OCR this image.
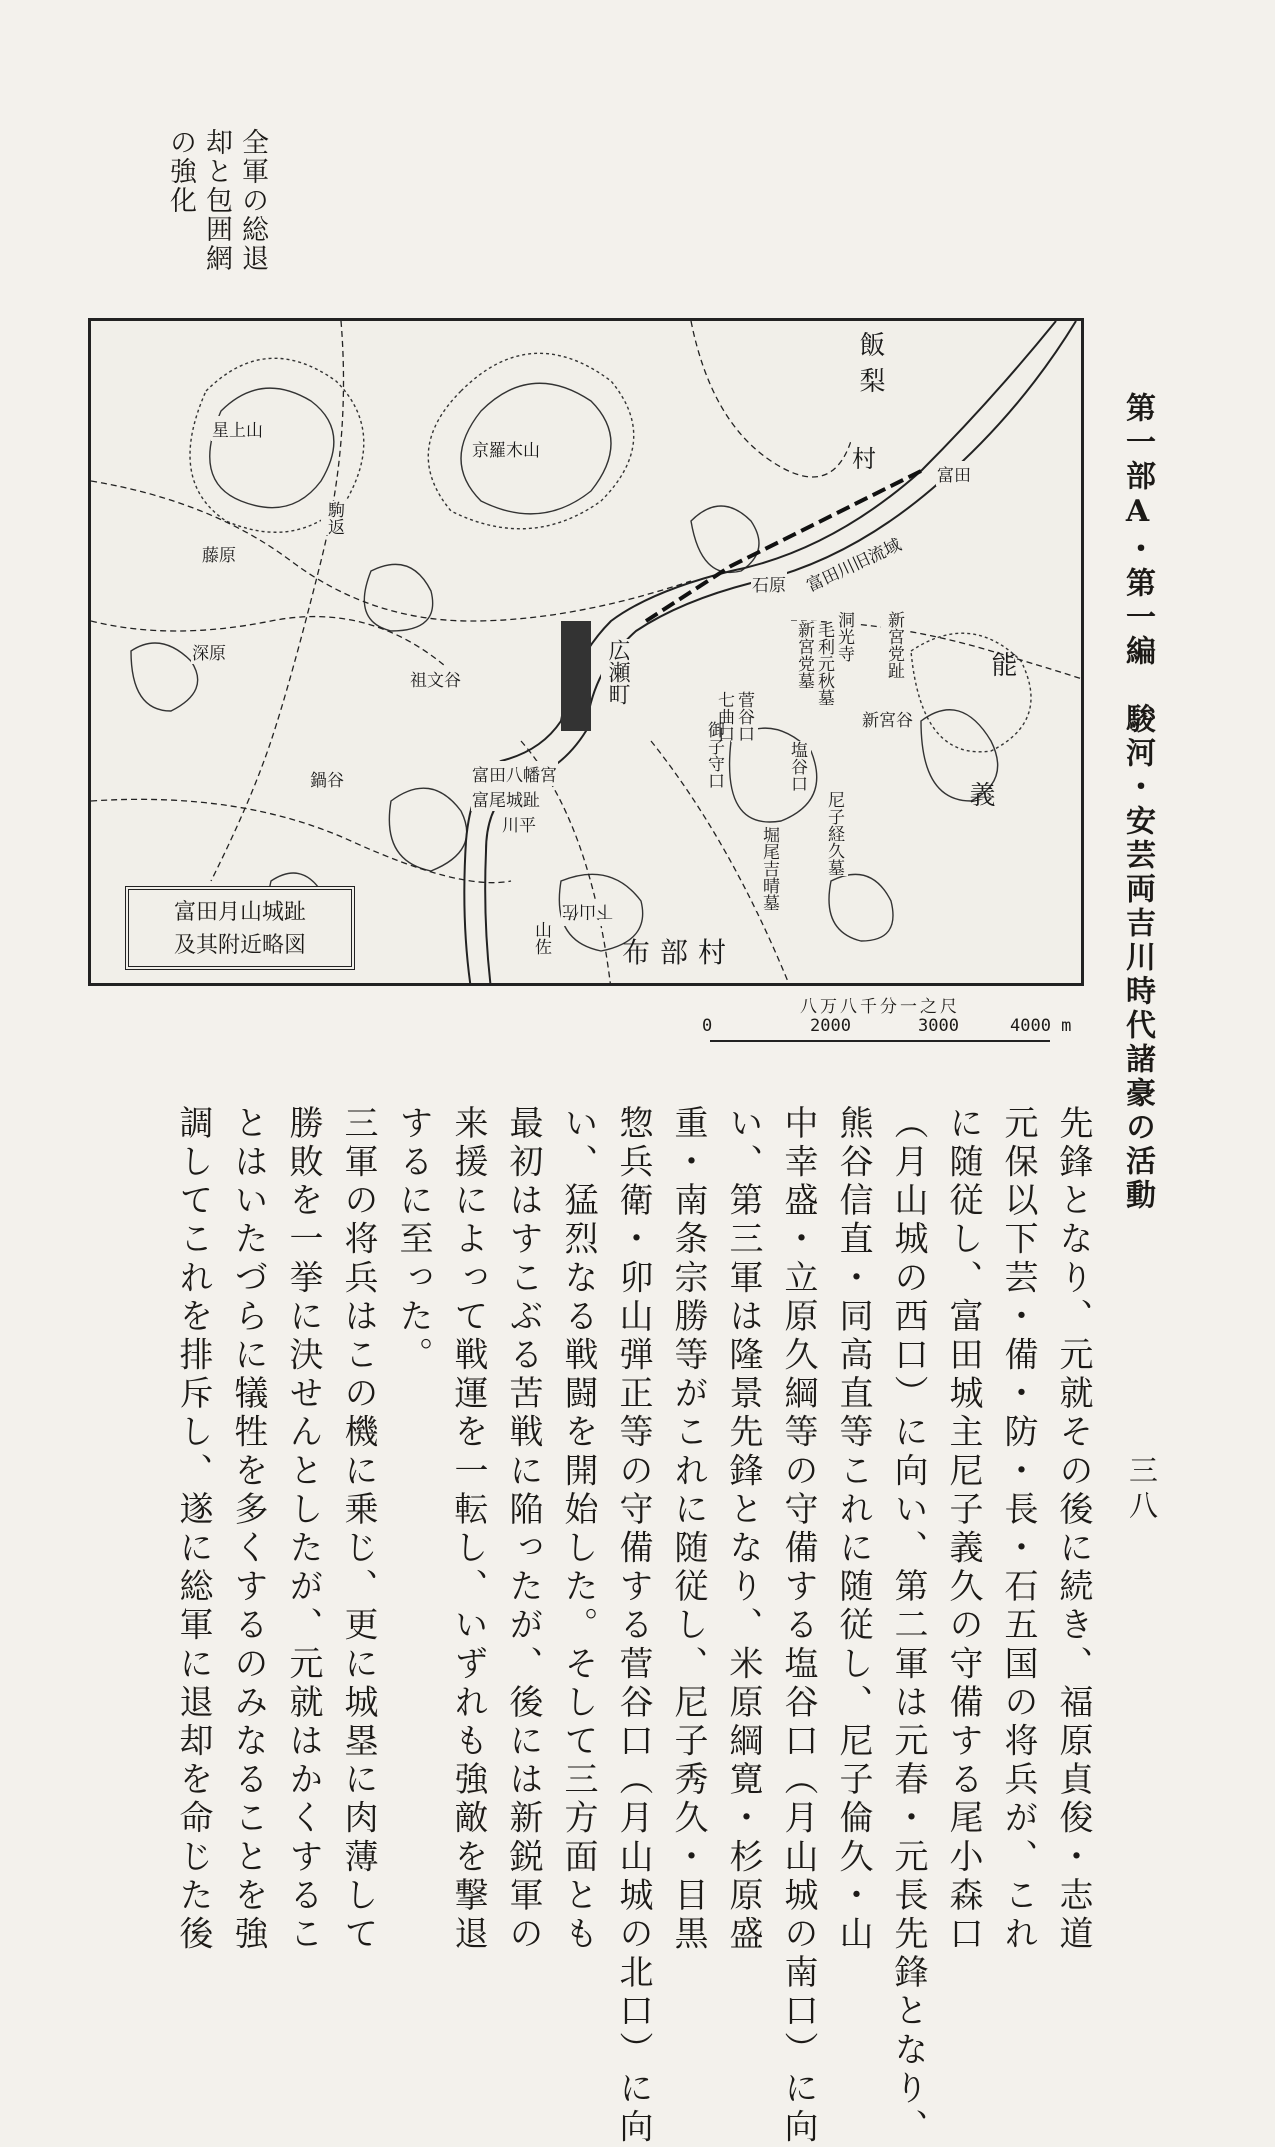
全軍の総退
却と包囲網
の強化
第一部A・第一編　駿河・安芸両吉川時代諸豪の活動
三八
星上山
藤原
駒返
深原
京羅木山
祖文谷	広瀬町
鍋谷	富田八幡宮
富尾城趾
川平
石原 富田川旧流域
飯梨
村
富田
新宮党趾
新宮谷
新宮党墓 洞光寺
毛利元秋墓	能
義
菅谷口
塩谷口
御子守口
七曲口
尼子経久墓
堀尾吉晴墓
下山佐
山佐	布部村
富田月山城趾
及其附近略図
八万八千分一之尺
0	2000	3000	4000 m
先鋒となり、元就その後に続き、福原貞俊・志道
元保以下芸・備・防・長・石五国の将兵が、これ
に随従し、富田城主尼子義久の守備する尾小森口
（月山城の西口）に向い、第二軍は元春・元長先鋒となり、
熊谷信直・同高直等これに随従し、尼子倫久・山
中幸盛・立原久綱等の守備する塩谷口（月山城の南口）に向
い、第三軍は隆景先鋒となり、米原綱寛・杉原盛
重・南条宗勝等がこれに随従し、尼子秀久・目黒
惣兵衛・卯山弾正等の守備する菅谷口（月山城の北口）に向
い、猛烈なる戦闘を開始した。そして三方面とも
最初はすこぶる苦戦に陥ったが、後には新鋭軍の
来援によって戦運を一転し、いずれも強敵を撃退
するに至った。
三軍の将兵はこの機に乗じ、更に城塁に肉薄して
勝敗を一挙に決せんとしたが、元就はかくするこ
とはいたづらに犠牲を多くするのみなることを強
調してこれを排斥し、遂に総軍に退却を命じた後
